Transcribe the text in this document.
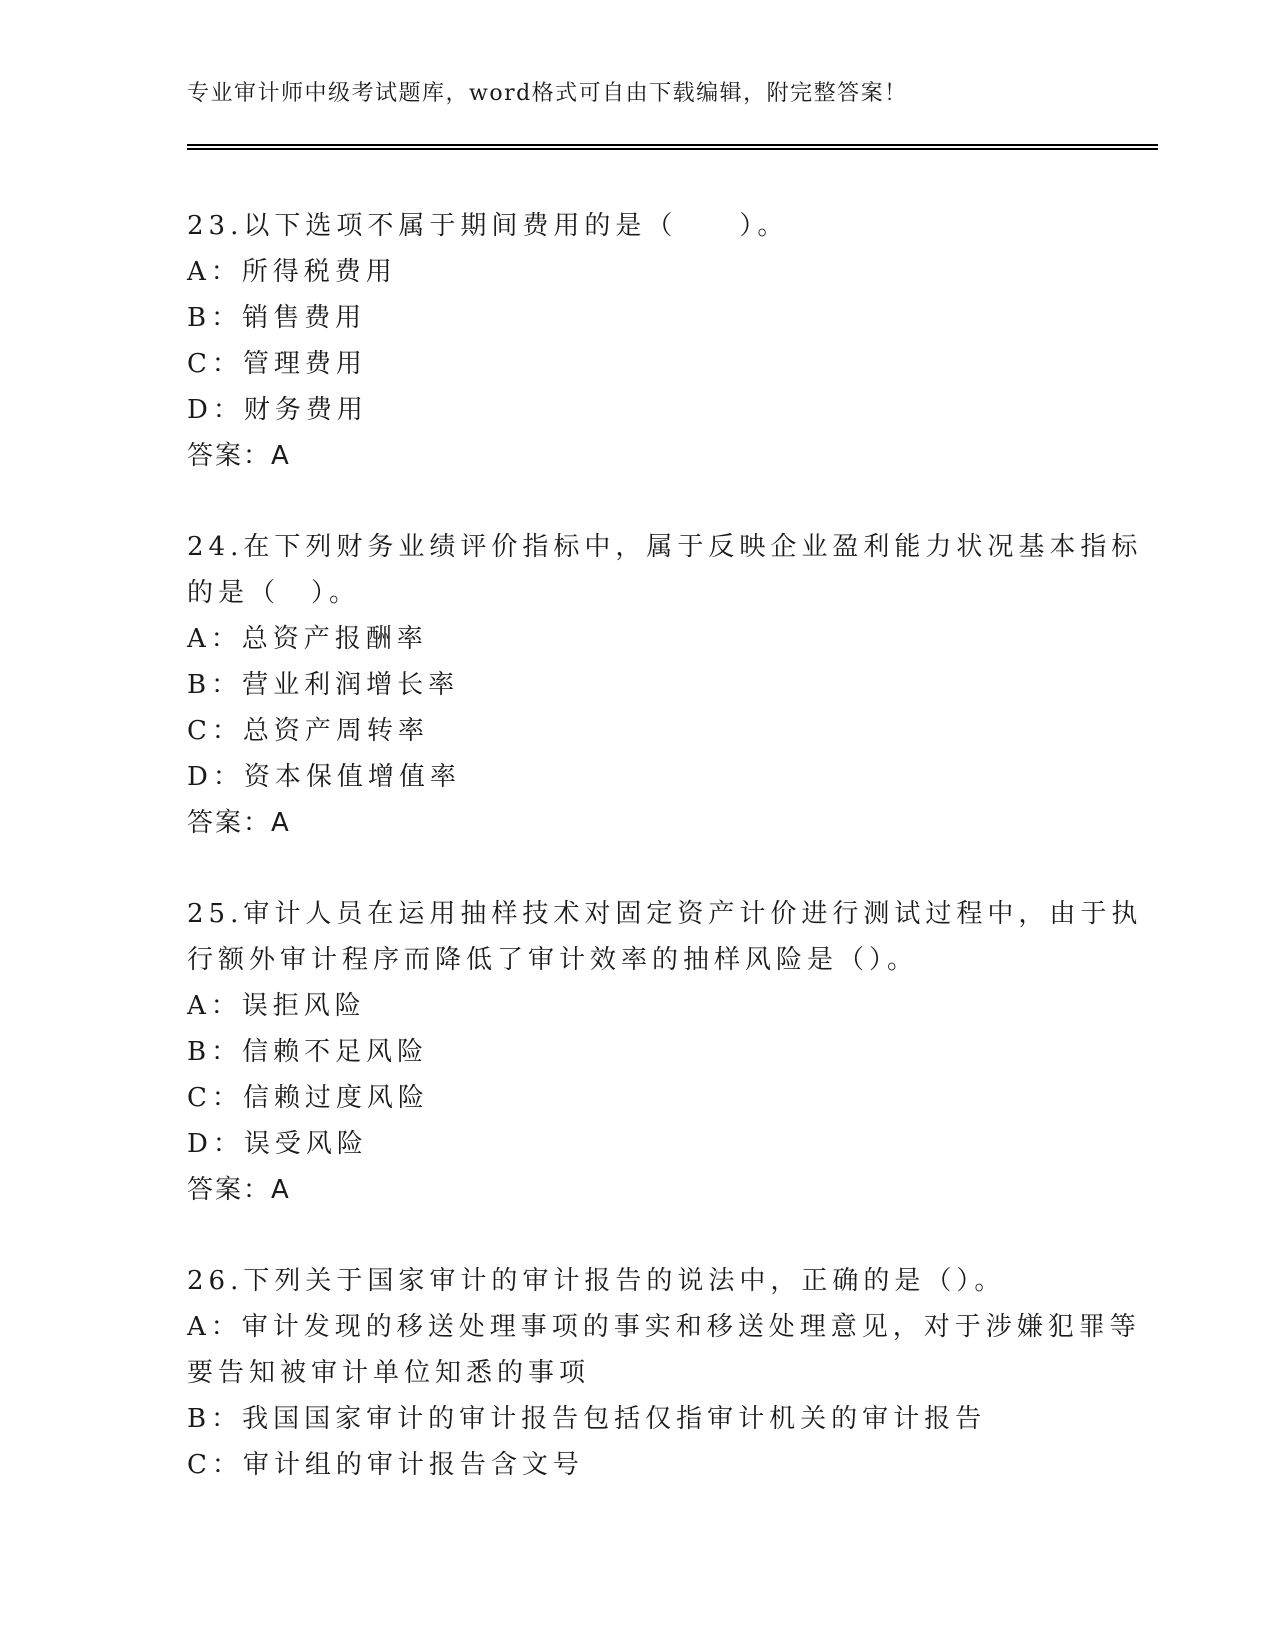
专业审计师中级考试题库，word格式可自由下载编辑，附完整答案！
23.以下选项不属于期间费用的是（　　）。
A：所得税费用
B：销售费用
C：管理费用
D：财务费用
答案：A
24.在下列财务业绩评价指标中，属于反映企业盈利能力状况基本指标
的是（　）。
A：总资产报酬率
B：营业利润增长率
C：总资产周转率
D：资本保值增值率
答案：A
25.审计人员在运用抽样技术对固定资产计价进行测试过程中，由于执
行额外审计程序而降低了审计效率的抽样风险是（）。
A：误拒风险
B：信赖不足风险
C：信赖过度风险
D：误受风险
答案：A
26.下列关于国家审计的审计报告的说法中，正确的是（）。
A：审计发现的移送处理事项的事实和移送处理意见，对于涉嫌犯罪等
要告知被审计单位知悉的事项
B：我国国家审计的审计报告包括仅指审计机关的审计报告
C：审计组的审计报告含文号
